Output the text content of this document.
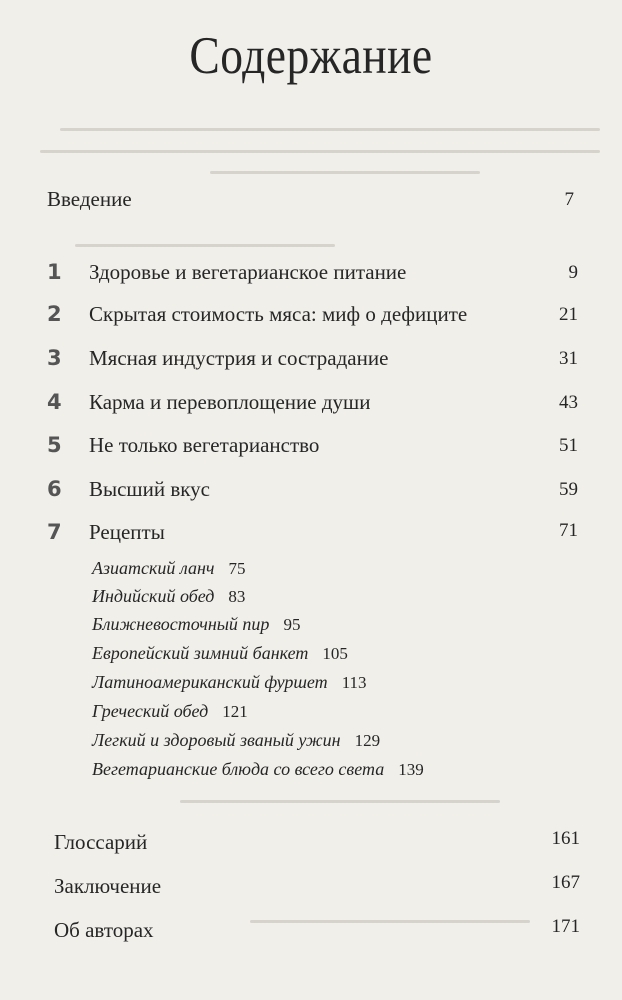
Содержание
Введение	7
1 Здоровье и вегетарианское питание	9
2 Скрытая стоимость мяса: миф о дефиците	21
3 Мясная индустрия и сострадание	31
4 Карма и перевоплощение души	43
5 Не только вегетарианство	51
6 Высший вкус	59
7 Рецепты	71
Азиатский ланч 75
Индийский обед 83
Ближневосточный пир 95
Европейский зимний банкет 105
Латиноамериканский фуршет 113
Греческий обед 121
Легкий и здоровый званый ужин 129
Вегетарианские блюда со всего света 139
Глоссарий	161
Заключение	167
Об авторах	171
